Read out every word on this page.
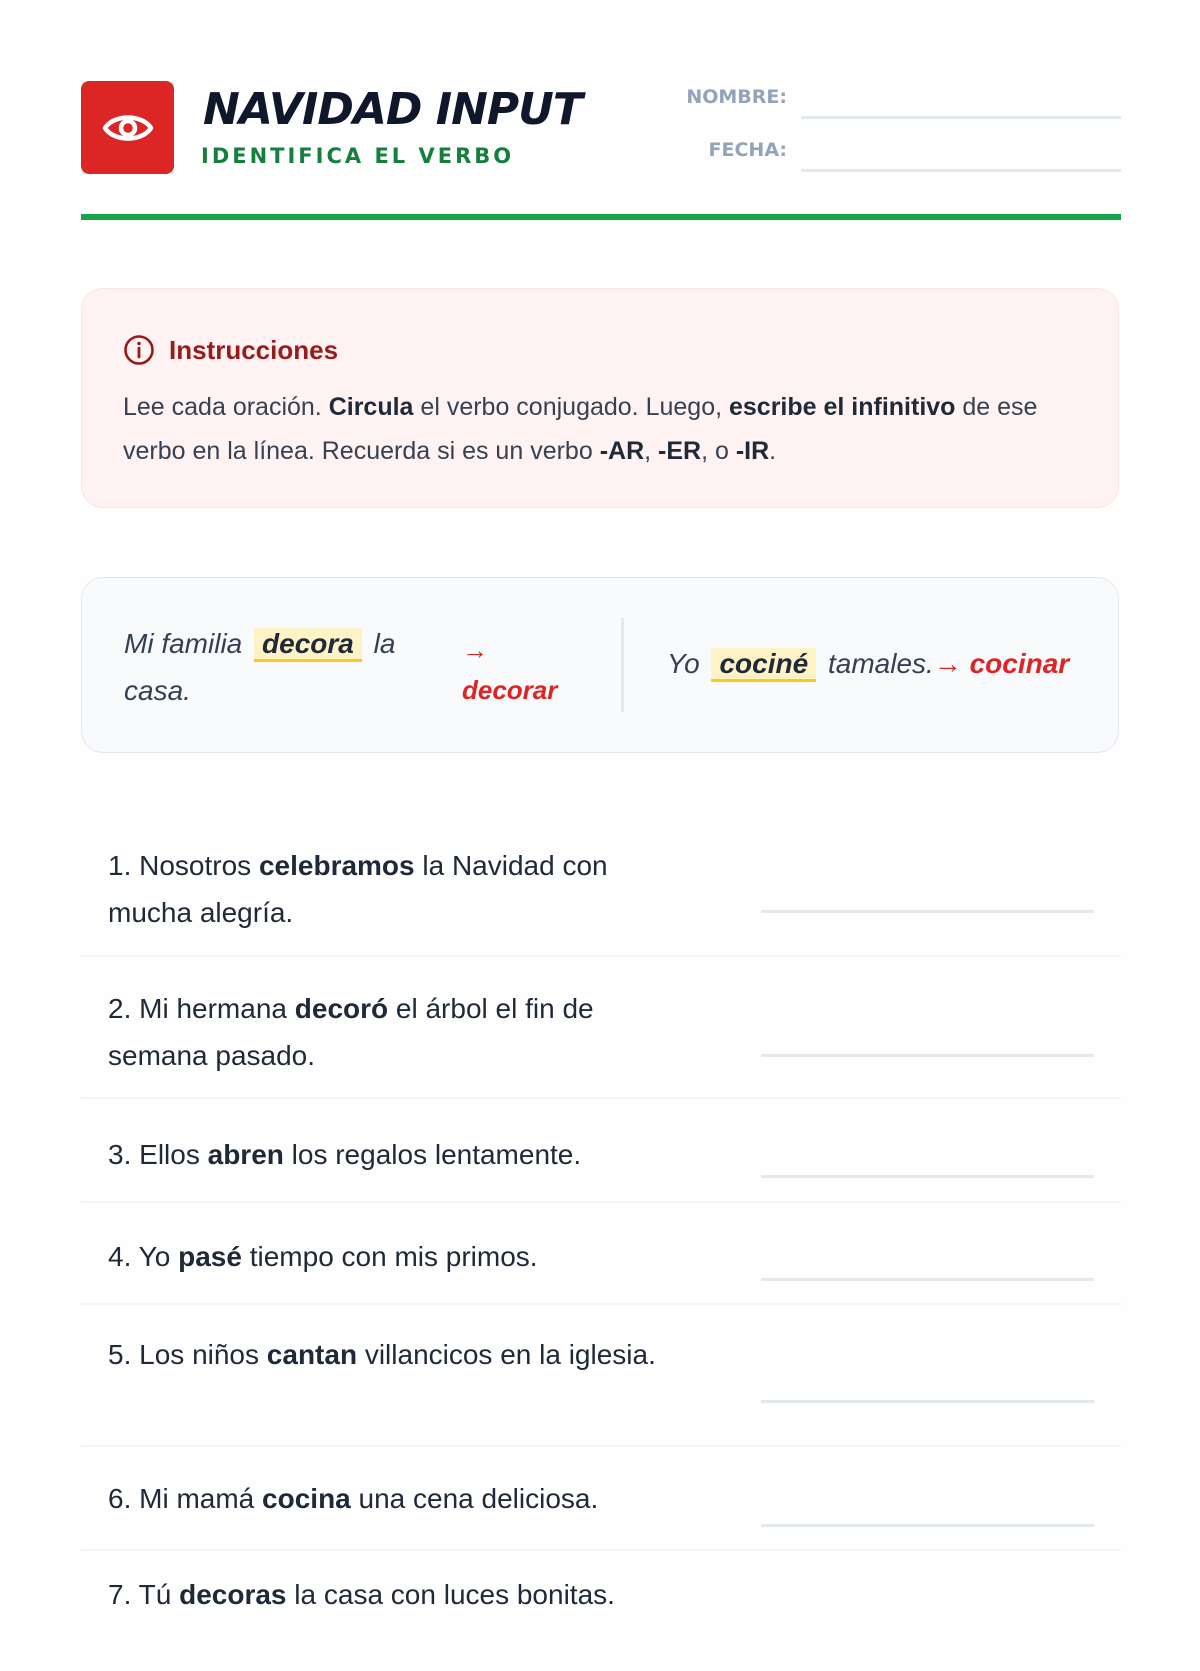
NAVIDAD INPUT
IDENTIFICA EL VERBO
NOMBRE:
FECHA:
Instrucciones
Lee cada oración. Circula el verbo conjugado. Luego, escribe el infinitivo de ese verbo en la línea. Recuerda si es un verbo -AR, -ER, o -IR.
Mi familia decora la casa.
→ decorar
Yo cociné tamales.→ cocinar
1. Nosotros celebramos la Navidad con mucha alegría.
2. Mi hermana decoró el árbol el fin de semana pasado.
3. Ellos abren los regalos lentamente.
4. Yo pasé tiempo con mis primos.
5. Los niños cantan villancicos en la iglesia.
6. Mi mamá cocina una cena deliciosa.
7. Tú decoras la casa con luces bonitas.
